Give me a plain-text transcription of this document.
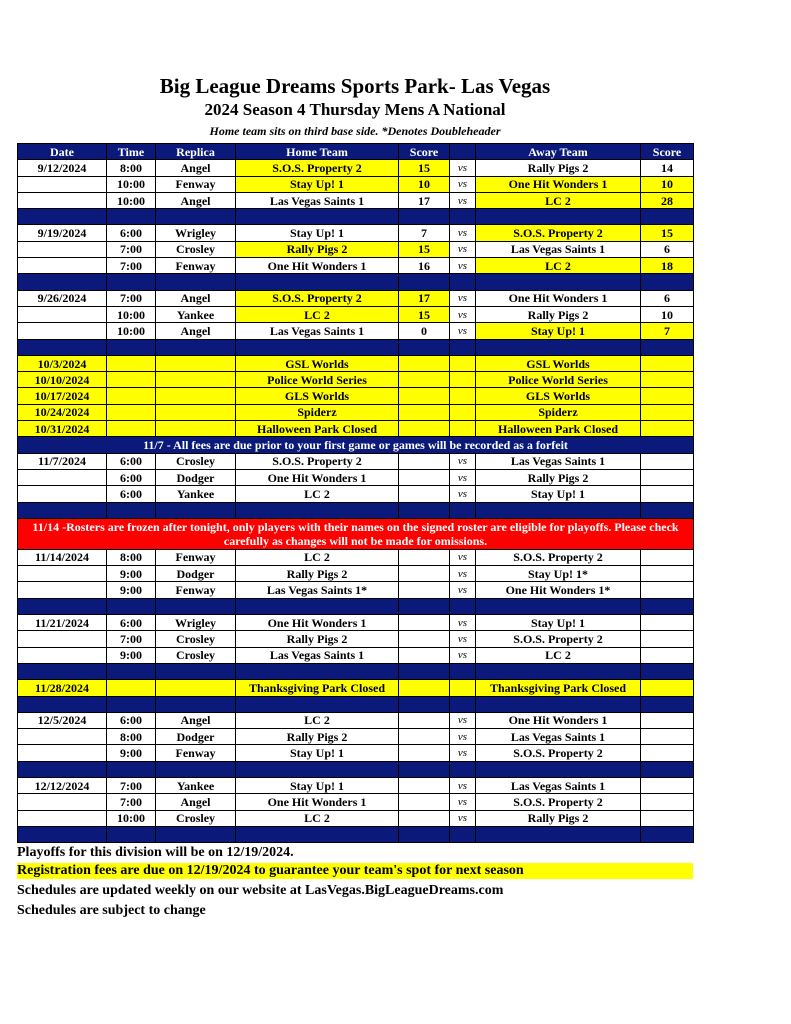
Big League Dreams Sports Park- Las Vegas
2024 Season 4 Thursday Mens A National
Home team sits on third base side. *Denotes Doubleheader
Date	Time	Replica	Home Team	Score		Away Team	Score
9/12/2024	8:00	Angel	S.O.S. Property 2	15	vs	Rally Pigs 2	14
	10:00	Fenway	Stay Up! 1	10	vs	One Hit Wonders 1	10
	10:00	Angel	Las Vegas Saints 1	17	vs	LC 2	28

9/19/2024	6:00	Wrigley	Stay Up! 1	7	vs	S.O.S. Property 2	15
	7:00	Crosley	Rally Pigs 2	15	vs	Las Vegas Saints 1	6
	7:00	Fenway	One Hit Wonders 1	16	vs	LC 2	18

9/26/2024	7:00	Angel	S.O.S. Property 2	17	vs	One Hit Wonders 1	6
	10:00	Yankee	LC 2	15	vs	Rally Pigs 2	10
	10:00	Angel	Las Vegas Saints 1	0	vs	Stay Up! 1	7

10/3/2024			GSL Worlds			GSL Worlds	
10/10/2024			Police World Series			Police World Series	
10/17/2024			GLS Worlds			GLS Worlds	
10/24/2024			Spiderz			Spiderz	
10/31/2024			Halloween Park Closed			Halloween Park Closed	
11/7 - All fees are due prior to your first game or games will be recorded as a forfeit							
11/7/2024	6:00	Crosley	S.O.S. Property 2		vs	Las Vegas Saints 1	
	6:00	Dodger	One Hit Wonders 1		vs	Rally Pigs 2	
	6:00	Yankee	LC 2		vs	Stay Up! 1	

11/14 -Rosters are frozen after tonight, only players with their names on the signed roster are eligible for playoffs. Please check carefully as changes will not be made for omissions.							
11/14/2024	8:00	Fenway	LC 2		vs	S.O.S. Property 2	
	9:00	Dodger	Rally Pigs 2		vs	Stay Up! 1*	
	9:00	Fenway	Las Vegas Saints 1*		vs	One Hit Wonders 1*	

11/21/2024	6:00	Wrigley	One Hit Wonders 1		vs	Stay Up! 1	
	7:00	Crosley	Rally Pigs 2		vs	S.O.S. Property 2	
	9:00	Crosley	Las Vegas Saints 1		vs	LC 2	

11/28/2024			Thanksgiving Park Closed			Thanksgiving Park Closed	

12/5/2024	6:00	Angel	LC 2		vs	One Hit Wonders 1	
	8:00	Dodger	Rally Pigs 2		vs	Las Vegas Saints 1	
	9:00	Fenway	Stay Up! 1		vs	S.O.S. Property 2	

12/12/2024	7:00	Yankee	Stay Up! 1		vs	Las Vegas Saints 1	
	7:00	Angel	One Hit Wonders 1		vs	S.O.S. Property 2	
	10:00	Crosley	LC 2		vs	Rally Pigs 2	

Playoffs for this division will be on 12/19/2024.
Registration fees are due on 12/19/2024 to guarantee your team's spot for next season
Schedules are updated weekly on our website at LasVegas.BigLeagueDreams.com
Schedules are subject to change
